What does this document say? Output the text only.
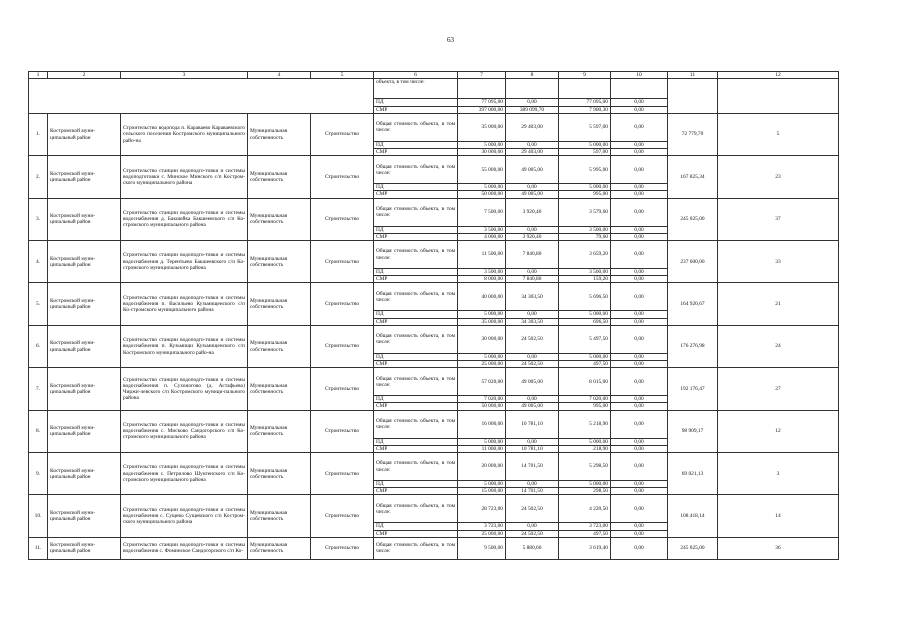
63
1	2	3	4	5	6	7	8	9	10	11	12
					объекта, в том числе:						
					ПД	77 095,00	0,00	77 095,00	0,00		
					СМР	397 000,00	389 099,70	7 900,30	0,00		
1.	Костромской муни-ципальный район	Строительство водопода п. Караваево Караваевского сельского поселения Костромского муниципального райо-на	Муниципальная собственность	Строительство	Общая стоимость объекта, в том числе:	35 000,00	29 403,00	5 597,00	0,00	72 779,70	5
					ПД	5 000,00	0,00	5 000,00	0,00		
					СМР	30 000,00	29 403,00	597,00	0,00		
2.	Костромской муни-ципальный район	Строительство станции водоподго-товки и системы водоподготовки с. Минское Минского с/п Костром-ского муниципального района	Муниципальная собственность	Строительство	Общая стоимость объекта, в том числе:	55 000,00	49 005,00	5 995,00	0,00	167 825,34	23
					ПД	5 000,00	0,00	5 000,00	0,00		
					СМР	50 000,00	49 005,00	995,00	0,00		
3.	Костромской муни-ципальный район	Строительство станции водоподго-товки и системы водоснабжения д. Бакшейка Бакшеевского с/п Ко-стромского муниципального района	Муниципальная собственность	Строительство	Общая стоимость объекта, в том числе:	7 500,00	3 920,40	3 579,60	0,00	245 025,00	37
					ПД	3 500,00	0,00	3 500,00	0,00		
					СМР	4 000,00	3 920,40	79,60	0,00		
4.	Костромской муни-ципальный район	Строительство станции водоподго-товки и системы водоснабжения д. Терентьево Бакшеевского с/п Ко-стромского муниципального района	Муниципальная собственность	Строительство	Общая стоимость объекта, в том числе:	11 500,00	7 840,80	3 659,20	0,00	237 600,00	33
					ПД	3 500,00	0,00	3 500,00	0,00		
					СМР	8 000,00	7 840,80	159,20	0,00		
5.	Костромской муни-ципальный район	Строительство станции водоподго-товки и системы водоснабжения п. Васильево Кузьмищенского с/п Ко-стромского муниципального района	Муниципальная собственность	Строительство	Общая стоимость объекта, в том числе:	40 000,00	34 303,50	5 696,50	0,00	164 920,67	21
					ПД	5 000,00	0,00	5 000,00	0,00		
					СМР	35 000,00	34 303,50	696,50	0,00		
6.	Костромской муни-ципальный район	Строительство станции водоподго-товки и системы водоснабжения п. Кузьмищи Кузьмищенского с/п Костромского муниципального райо-на	Муниципальная собственность	Строительство	Общая стоимость объекта, в том числе:	30 000,00	24 502,50	5 497,50	0,00	176 276,98	24
					ПД	5 000,00	0,00	5 000,00	0,00		
					СМР	25 000,00	24 502,50	497,50	0,00		
7.	Костромской муни-ципальный район	Строительство станции водоподго-товки и системы водоснабжения п. Сухоногово (д. Астафьево) Чиржи-левского с/п Костромского муници-пального района	Муниципальная собственность	Строительство	Общая стоимость объекта, в том числе:	57 020,00	49 005,00	8 015,00	0,00	192 176,47	27
					ПД	7 020,00	0,00	7 020,00	0,00		
					СМР	50 000,00	49 005,00	995,00	0,00		
8.	Костромской муни-ципальный район	Строительство станции водоподго-товки и системы водоснабжения с. Мисково Сандогорского с/п Ко-стромского муниципального района	Муниципальная собственность	Строительство	Общая стоимость объекта, в том числе:	16 000,00	10 781,10	5 218,90	0,00	98 909,17	12
					ПД	5 000,00	0,00	5 000,00	0,00		
					СМР	11 000,00	10 781,10	218,90	0,00		
9.	Костромской муни-ципальный район	Строительство станции водоподго-товки и системы водоснабжения с. Петрилово Шунгенского с/п Ко-стромского муниципального района	Муниципальная собственность	Строительство	Общая стоимость объекта, в том числе:	20 000,00	14 701,50	5 298,50	0,00	69 021,13	3
					ПД	5 000,00	0,00	5 000,00	0,00		
					СМР	15 000,00	14 701,50	298,50	0,00		
10.	Костромской муни-ципальный район	Строительство станции водоподго-товки и системы водоснабжения с. Сущево Сущевского с/п Костром-ского муниципального района	Муниципальная собственность	Строительство	Общая стоимость объекта, в том числе:	28 723,00	24 502,50	4 220,50	0,00	108 418,14	14
					ПД	3 723,00	0,00	3 723,00	0,00		
					СМР	25 000,00	24 502,50	497,50	0,00		
11.	Костромской муни-ципальный район	Строительство станции водоподго-товки и системы водоснабжения с. Фоминское Сандогорского с/п Ко-	Муниципальная собственность	Строительство	Общая стоимость объекта, в том числе:	9 500,00	5 880,60	3 619,40	0,00	245 025,00	36
